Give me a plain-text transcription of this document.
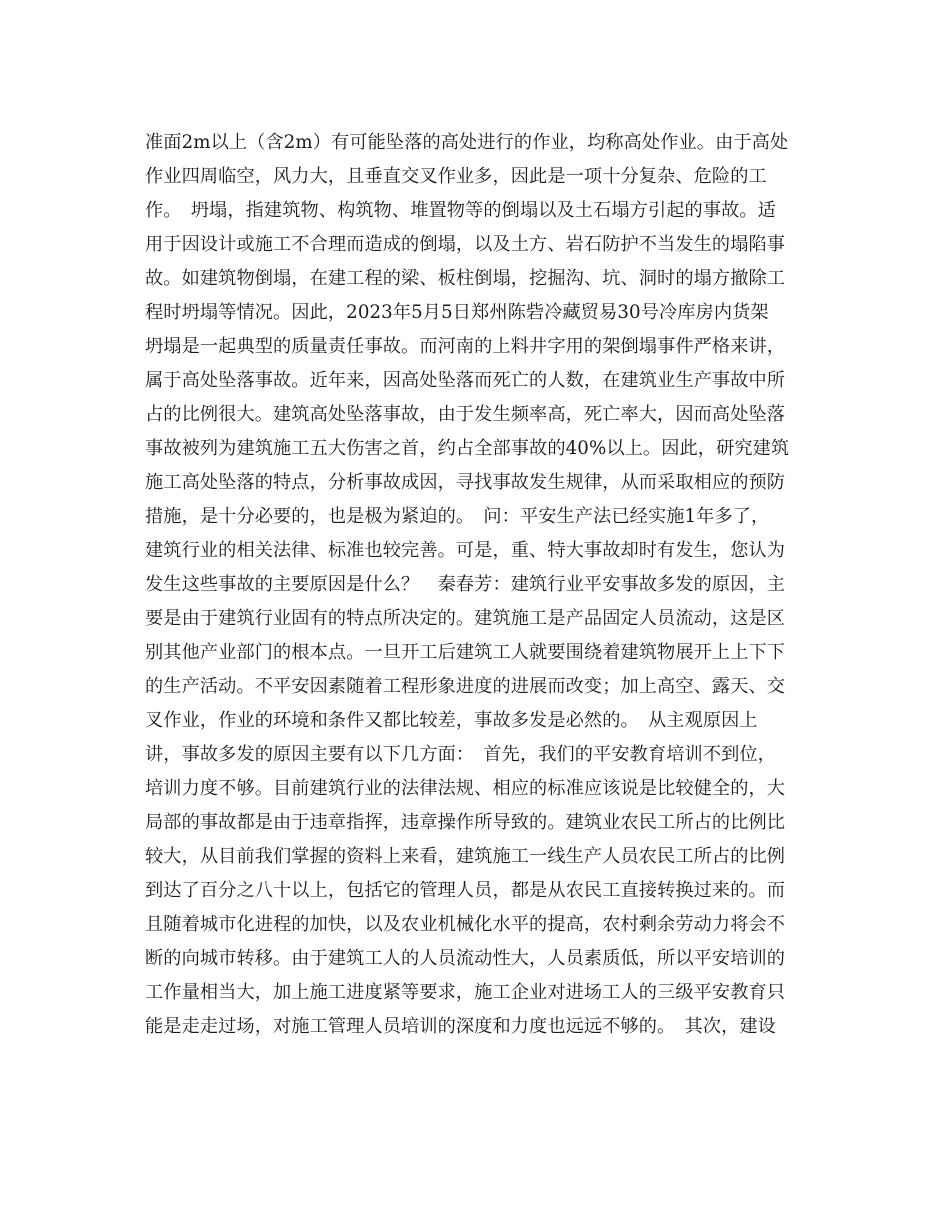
准面2m以上（含2m）有可能坠落的高处进行的作业，均称高处作业。由于高处
作业四周临空，风力大，且垂直交叉作业多，因此是一项十分复杂、危险的工
作。　坍塌，指建筑物、构筑物、堆置物等的倒塌以及土石塌方引起的事故。适
用于因设计或施工不合理而造成的倒塌，以及土方、岩石防护不当发生的塌陷事
故。如建筑物倒塌，在建工程的梁、板柱倒塌，挖掘沟、坑、洞时的塌方撤除工
程时坍塌等情况。因此，2023年5月5日郑州陈砦冷藏贸易30号冷库房内货架
坍塌是一起典型的质量责任事故。而河南的上料井字用的架倒塌事件严格来讲，
属于高处坠落事故。近年来，因高处坠落而死亡的人数，在建筑业生产事故中所
占的比例很大。建筑高处坠落事故，由于发生频率高，死亡率大，因而高处坠落
事故被列为建筑施工五大伤害之首，约占全部事故的40%以上。因此，研究建筑
施工高处坠落的特点，分析事故成因，寻找事故发生规律，从而采取相应的预防
措施，是十分必要的，也是极为紧迫的。　问：平安生产法已经实施1年多了，
建筑行业的相关法律、标准也较完善。可是，重、特大事故却时有发生，您认为
发生这些事故的主要原因是什么？　秦春芳：建筑行业平安事故多发的原因，主
要是由于建筑行业固有的特点所决定的。建筑施工是产品固定人员流动，这是区
别其他产业部门的根本点。一旦开工后建筑工人就要围绕着建筑物展开上上下下
的生产活动。不平安因素随着工程形象进度的进展而改变；加上高空、露天、交
叉作业，作业的环境和条件又都比较差，事故多发是必然的。　从主观原因上
讲，事故多发的原因主要有以下几方面：　首先，我们的平安教育培训不到位，
培训力度不够。目前建筑行业的法律法规、相应的标准应该说是比较健全的，大
局部的事故都是由于违章指挥，违章操作所导致的。建筑业农民工所占的比例比
较大，从目前我们掌握的资料上来看，建筑施工一线生产人员农民工所占的比例
到达了百分之八十以上，包括它的管理人员，都是从农民工直接转换过来的。而
且随着城市化进程的加快，以及农业机械化水平的提高，农村剩余劳动力将会不
断的向城市转移。由于建筑工人的人员流动性大，人员素质低，所以平安培训的
工作量相当大，加上施工进度紧等要求，施工企业对进场工人的三级平安教育只
能是走走过场，对施工管理人员培训的深度和力度也远远不够的。　其次，建设
